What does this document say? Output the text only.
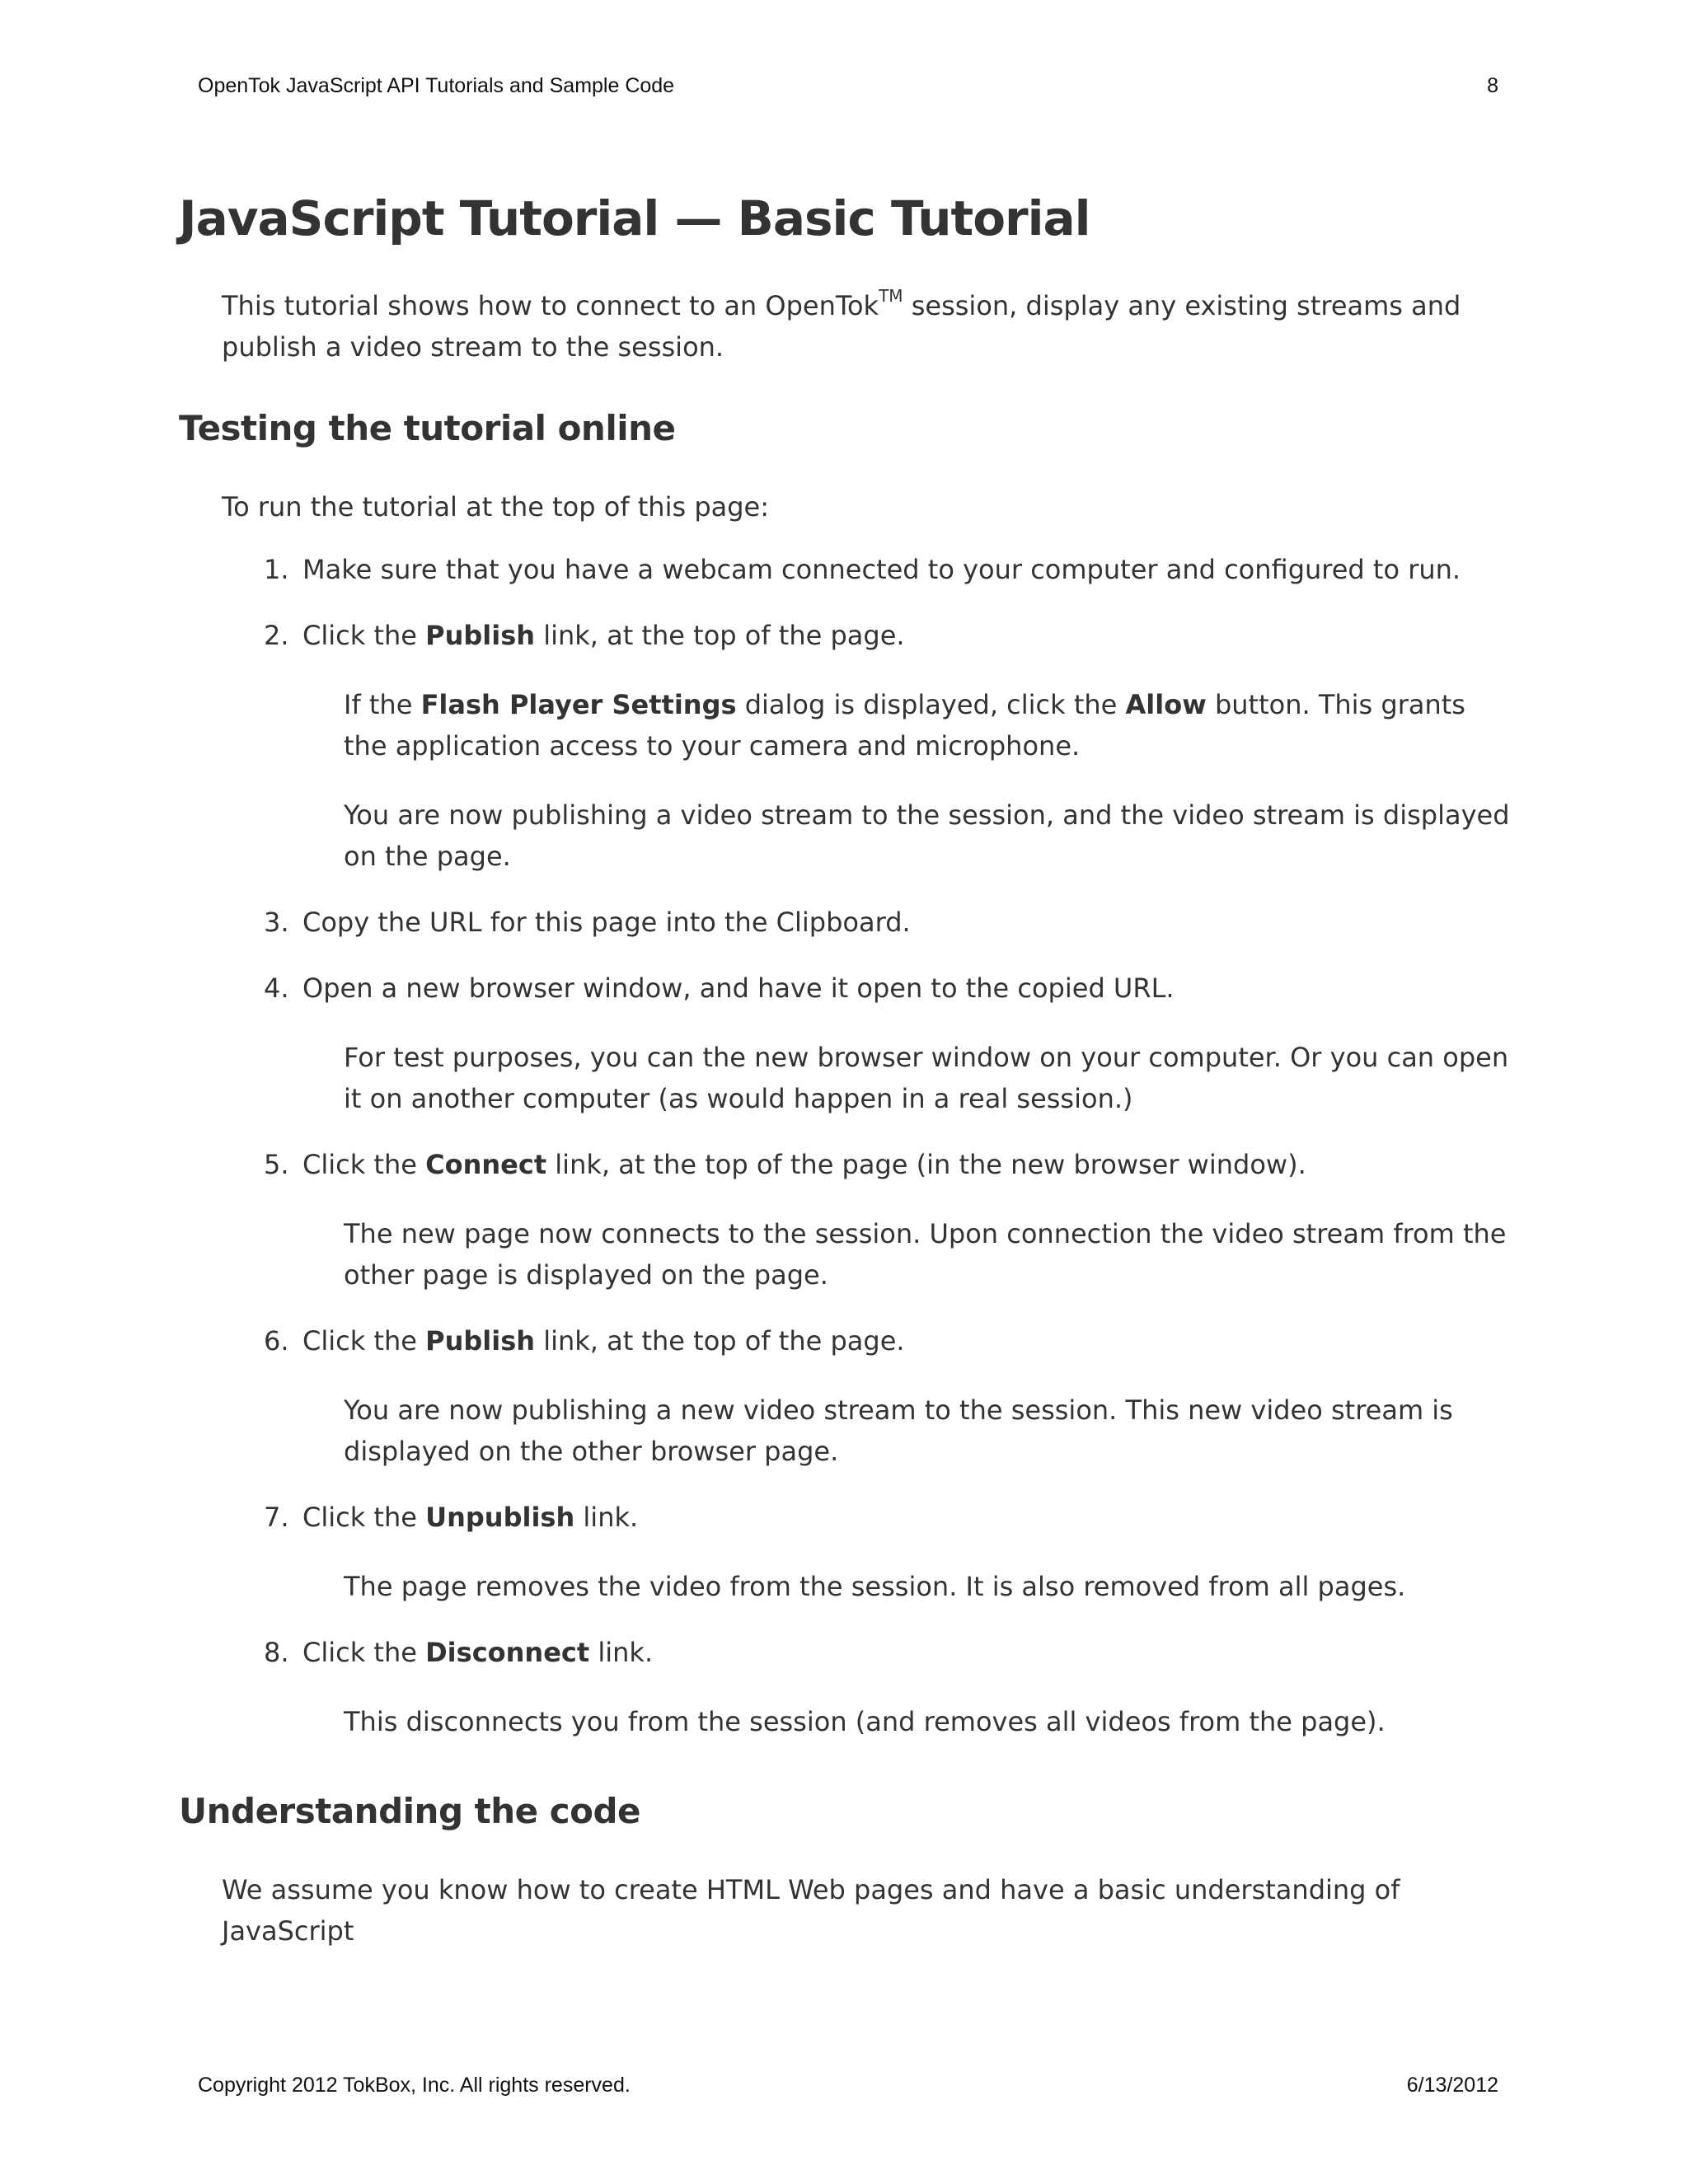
OpenTok JavaScript API Tutorials and Sample Code	8
JavaScript Tutorial — Basic Tutorial

This tutorial shows how to connect to an OpenTok™ session, display any existing streams and publish a video stream to the session.

Testing the tutorial online

To run the tutorial at the top of this page:

1. Make sure that you have a webcam connected to your computer and configured to run.

2. Click the Publish link, at the top of the page.

If the Flash Player Settings dialog is displayed, click the Allow button. This grants the application access to your camera and microphone.

You are now publishing a video stream to the session, and the video stream is displayed on the page.

3. Copy the URL for this page into the Clipboard.

4. Open a new browser window, and have it open to the copied URL.

For test purposes, you can the new browser window on your computer. Or you can open it on another computer (as would happen in a real session.)

5. Click the Connect link, at the top of the page (in the new browser window).

The new page now connects to the session. Upon connection the video stream from the other page is displayed on the page.

6. Click the Publish link, at the top of the page.

You are now publishing a new video stream to the session. This new video stream is displayed on the other browser page.

7. Click the Unpublish link.

The page removes the video from the session. It is also removed from all pages.

8. Click the Disconnect link.

This disconnects you from the session (and removes all videos from the page).

Understanding the code

We assume you know how to create HTML Web pages and have a basic understanding of JavaScript

Copyright 2012 TokBox, Inc. All rights reserved.	6/13/2012
